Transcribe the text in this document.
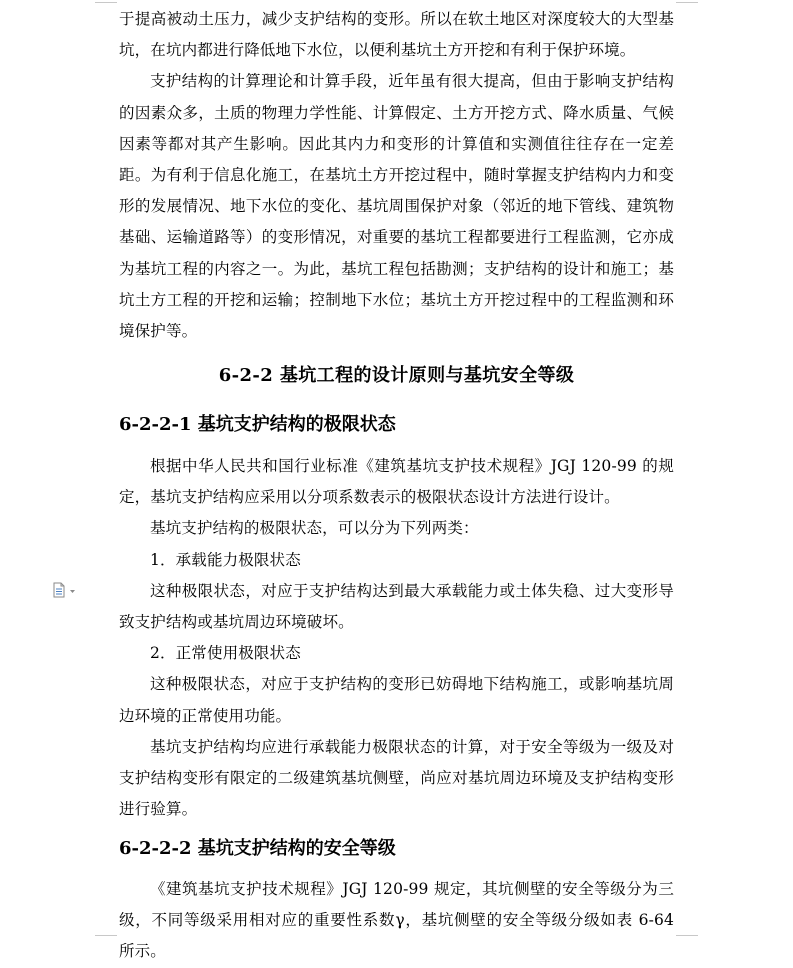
于提高被动土压力，减少支护结构的变形。所以在软土地区对深度较大的大型基坑，在坑内都进行降低地下水位，以便利基坑土方开挖和有利于保护环境。

支护结构的计算理论和计算手段，近年虽有很大提高，但由于影响支护结构的因素众多，土质的物理力学性能、计算假定、土方开挖方式、降水质量、气候因素等都对其产生影响。因此其内力和变形的计算值和实测值往往存在一定差距。为有利于信息化施工，在基坑土方开挖过程中，随时掌握支护结构内力和变形的发展情况、地下水位的变化、基坑周围保护对象（邻近的地下管线、建筑物基础、运输道路等）的变形情况，对重要的基坑工程都要进行工程监测，它亦成为基坑工程的内容之一。为此，基坑工程包括勘测；支护结构的设计和施工；基坑土方工程的开挖和运输；控制地下水位；基坑土方开挖过程中的工程监测和环境保护等。

6-2-2 基坑工程的设计原则与基坑安全等级
6-2-2-1 基坑支护结构的极限状态

根据中华人民共和国行业标准《建筑基坑支护技术规程》JGJ 120-99 的规定，基坑支护结构应采用以分项系数表示的极限状态设计方法进行设计。

基坑支护结构的极限状态，可以分为下列两类：

1．承载能力极限状态

这种极限状态，对应于支护结构达到最大承载能力或土体失稳、过大变形导致支护结构或基坑周边环境破坏。

2．正常使用极限状态

这种极限状态，对应于支护结构的变形已妨碍地下结构施工，或影响基坑周边环境的正常使用功能。

基坑支护结构均应进行承载能力极限状态的计算，对于安全等级为一级及对支护结构变形有限定的二级建筑基坑侧壁，尚应对基坑周边环境及支护结构变形进行验算。

6-2-2-2 基坑支护结构的安全等级

《建筑基坑支护技术规程》JGJ 120-99 规定，其坑侧壁的安全等级分为三级，不同等级采用相对应的重要性系数γ，基坑侧壁的安全等级分级如表 6-64 所示。
